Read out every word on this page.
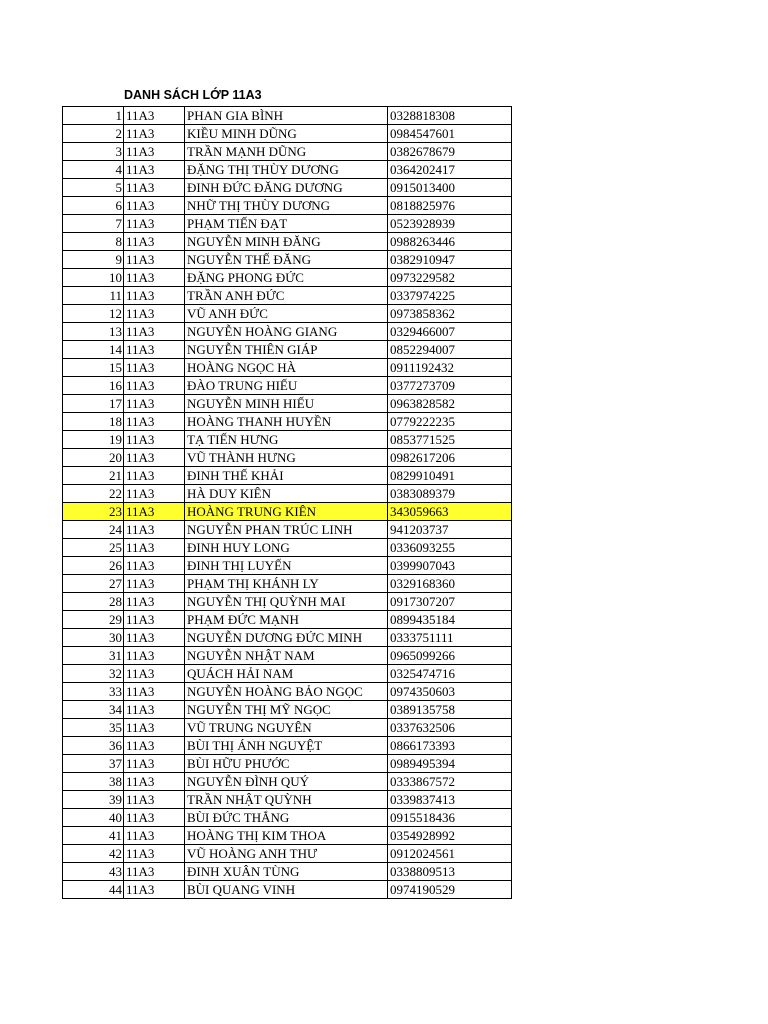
DANH SÁCH LỚP 11A3
1	11A3	PHAN GIA BÌNH	0328818308
2	11A3	KIỀU MINH DŨNG	0984547601
3	11A3	TRẦN MẠNH DŨNG	0382678679
4	11A3	ĐẶNG THỊ THÙY DƯƠNG	0364202417
5	11A3	ĐINH ĐỨC ĐĂNG DƯƠNG	0915013400
6	11A3	NHỮ THỊ THÙY DƯƠNG	0818825976
7	11A3	PHẠM TIẾN ĐẠT	0523928939
8	11A3	NGUYỄN MINH ĐĂNG	0988263446
9	11A3	NGUYỄN THẾ ĐĂNG	0382910947
10	11A3	ĐẶNG PHONG ĐỨC	0973229582
11	11A3	TRẦN ANH ĐỨC	0337974225
12	11A3	VŨ ANH ĐỨC	0973858362
13	11A3	NGUYỄN HOÀNG GIANG	0329466007
14	11A3	NGUYỄN THIÊN GIÁP	0852294007
15	11A3	HOÀNG NGỌC HÀ	0911192432
16	11A3	ĐÀO TRUNG HIẾU	0377273709
17	11A3	NGUYỄN MINH HIẾU	0963828582
18	11A3	HOÀNG THANH HUYỀN	0779222235
19	11A3	TẠ TIẾN HƯNG	0853771525
20	11A3	VŨ THÀNH HƯNG	0982617206
21	11A3	ĐINH THẾ KHẢI	0829910491
22	11A3	HÀ DUY KIÊN	0383089379
23	11A3	HOÀNG TRUNG KIÊN	343059663
24	11A3	NGUYỄN PHAN TRÚC LINH	941203737
25	11A3	ĐINH HUY LONG	0336093255
26	11A3	ĐINH THỊ LUYẾN	0399907043
27	11A3	PHẠM THỊ KHÁNH LY	0329168360
28	11A3	NGUYỄN THỊ QUỲNH MAI	0917307207
29	11A3	PHẠM ĐỨC MẠNH	0899435184
30	11A3	NGUYỄN DƯƠNG ĐỨC MINH	0333751111
31	11A3	NGUYỄN NHẬT NAM	0965099266
32	11A3	QUÁCH HẢI NAM	0325474716
33	11A3	NGUYỄN HOÀNG BẢO NGỌC	0974350603
34	11A3	NGUYỄN THỊ MỸ NGỌC	0389135758
35	11A3	VŨ TRUNG NGUYÊN	0337632506
36	11A3	BÙI THỊ ÁNH NGUYỆT	0866173393
37	11A3	BÙI HỮU PHƯỚC	0989495394
38	11A3	NGUYỄN ĐÌNH QUÝ	0333867572
39	11A3	TRẦN NHẬT QUỲNH	0339837413
40	11A3	BÙI ĐỨC THẮNG	0915518436
41	11A3	HOÀNG THỊ KIM THOA	0354928992
42	11A3	VŨ HOÀNG ANH THƯ	0912024561
43	11A3	ĐINH XUÂN TÙNG	0338809513
44	11A3	BÙI QUANG VINH	0974190529
